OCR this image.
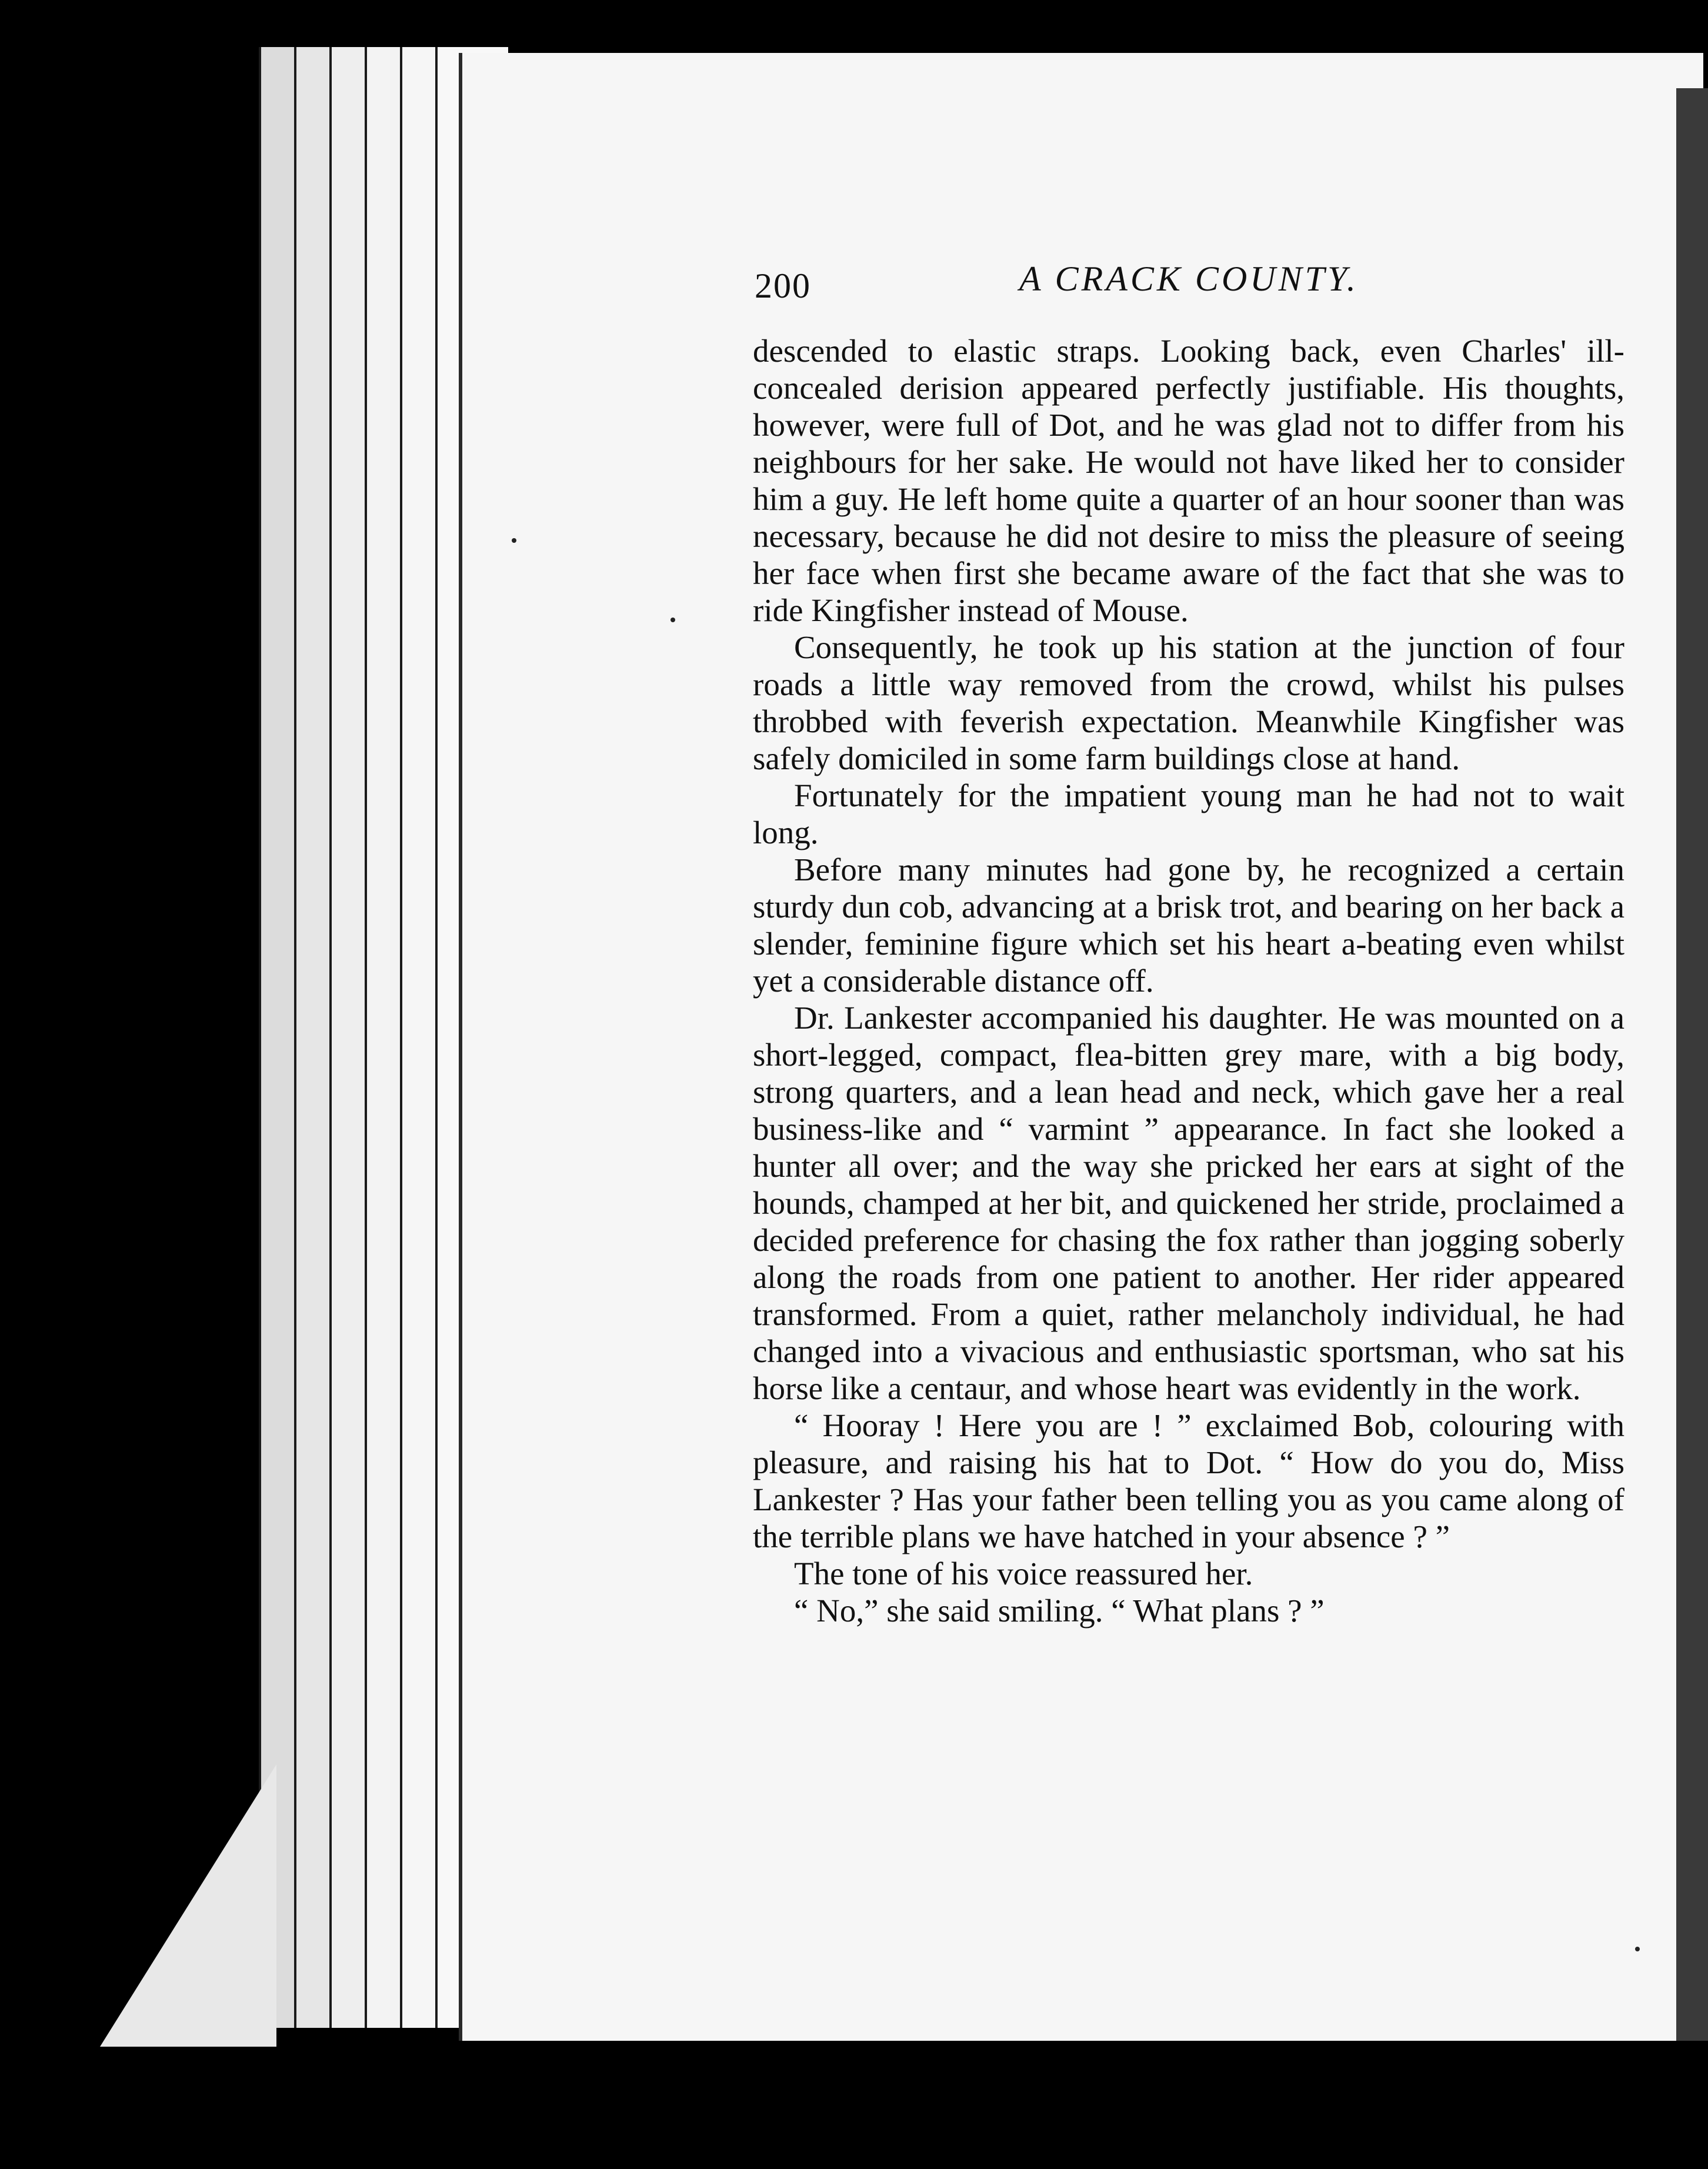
200	A CRACK COUNTY.

descended to elastic straps. Looking back, even Charles' ill-concealed derision appeared perfectly justifiable. His thoughts, however, were full of Dot, and he was glad not to differ from his neighbours for her sake. He would not have liked her to consider him a guy. He left home quite a quarter of an hour sooner than was necessary, because he did not desire to miss the pleasure of seeing her face when first she became aware of the fact that she was to ride Kingfisher instead of Mouse.

Consequently, he took up his station at the junction of four roads a little way removed from the crowd, whilst his pulses throbbed with feverish expectation. Meanwhile Kingfisher was safely domiciled in some farm buildings close at hand.

Fortunately for the impatient young man he had not to wait long.

Before many minutes had gone by, he recognized a certain sturdy dun cob, advancing at a brisk trot, and bearing on her back a slender, feminine figure which set his heart a-beating even whilst yet a considerable distance off.

Dr. Lankester accompanied his daughter. He was mounted on a short-legged, compact, flea-bitten grey mare, with a big body, strong quarters, and a lean head and neck, which gave her a real business-like and “ varmint ” appearance. In fact she looked a hunter all over; and the way she pricked her ears at sight of the hounds, champed at her bit, and quickened her stride, proclaimed a decided preference for chasing the fox rather than jogging soberly along the roads from one patient to another. Her rider appeared transformed. From a quiet, rather melancholy individual, he had changed into a vivacious and enthusiastic sportsman, who sat his horse like a centaur, and whose heart was evidently in the work.

“ Hooray ! Here you are ! ” exclaimed Bob, colouring with pleasure, and raising his hat to Dot. “ How do you do, Miss Lankester ? Has your father been telling you as you came along of the terrible plans we have hatched in your absence ? ”

The tone of his voice reassured her.

“ No,” she said smiling. “ What plans ? ”
